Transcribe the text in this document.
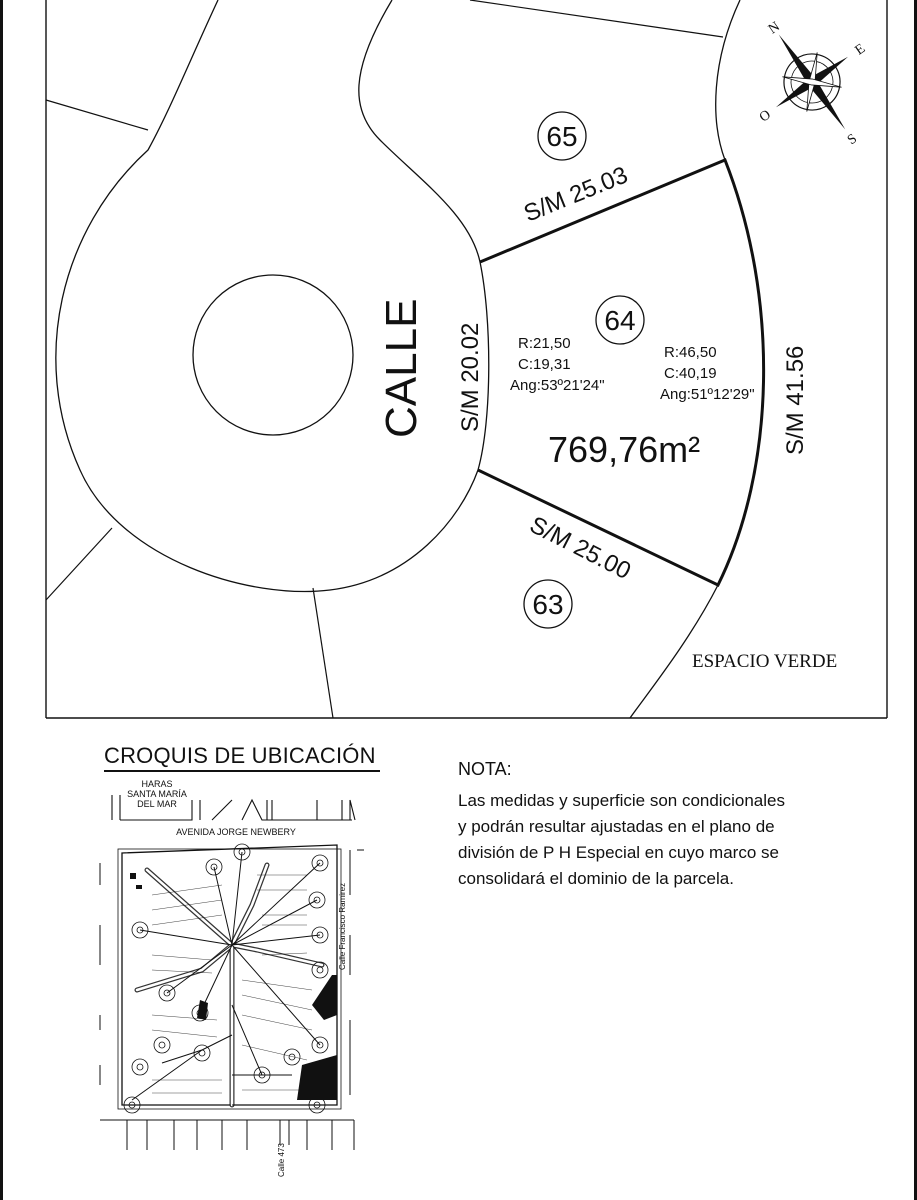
S/M 25.03
S/M 20.02	S/M 41.56
S/M 25.00
CALLE
65
64
63
R:21,50
C:19,31
Ang:53º21'24"
R:46,50
C:40,19
Ang:51º12'29"
769,76m²
ESPACIO VERDE
N
S
E
O
CROQUIS DE UBICACIÓN
HARAS
SANTA MARÍA
DEL MAR
AVENIDA JORGE NEWBERY
Calle Francisco Ramirez
Calle 473
NOTA:
Las medidas y superficie son condicionales
y podrán resultar ajustadas en el plano de
división de P H Especial en cuyo marco se
consolidará el dominio de la parcela.
